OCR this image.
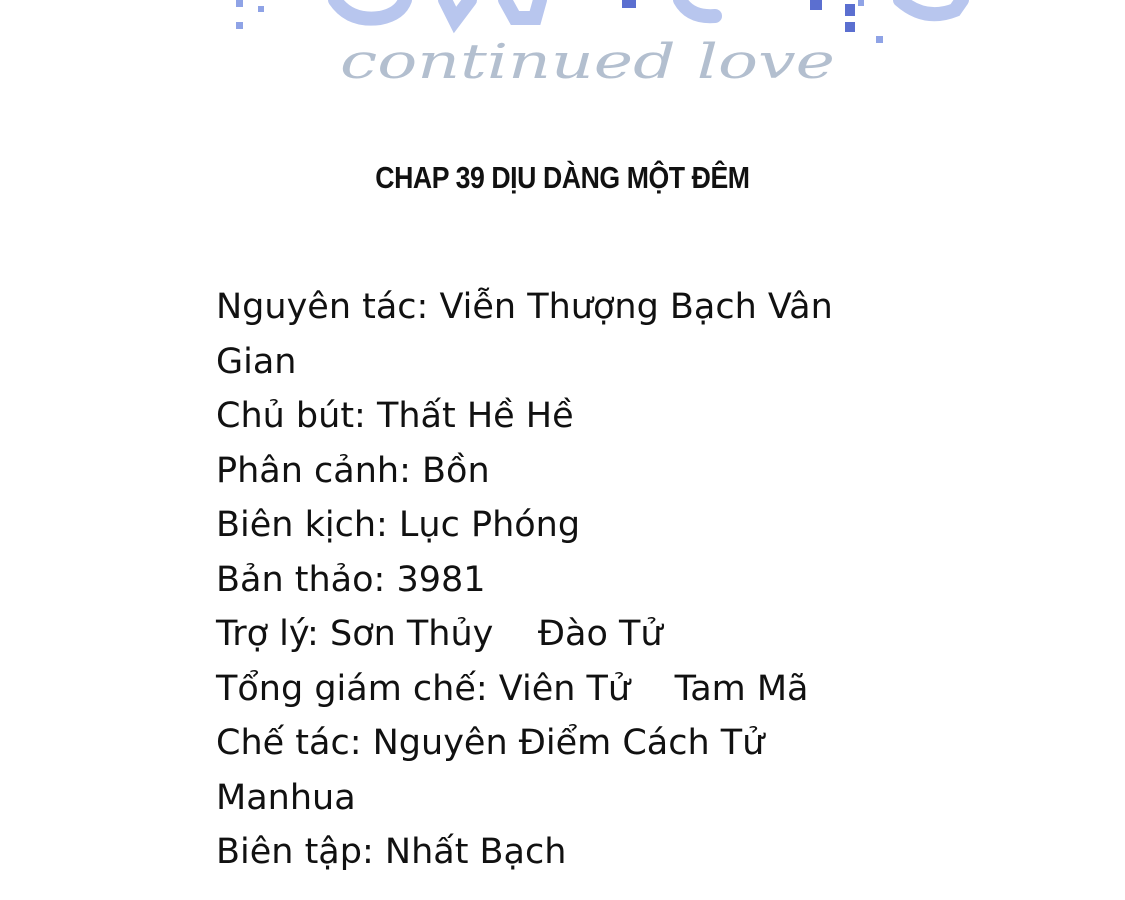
continued love
CHAP 39 DỊU DÀNG MỘT ĐÊM
Nguyên tác: Viễn Thượng Bạch Vân
Gian
Chủ bút: Thất Hề Hề
Phân cảnh: Bồn
Biên kịch: Lục Phóng
Bản thảo: 3981
Trợ lý: Sơn Thủy    Đào Tử
Tổng giám chế: Viên Tử    Tam Mã
Chế tác: Nguyên Điểm Cách Tử
Manhua
Biên tập: Nhất Bạch
